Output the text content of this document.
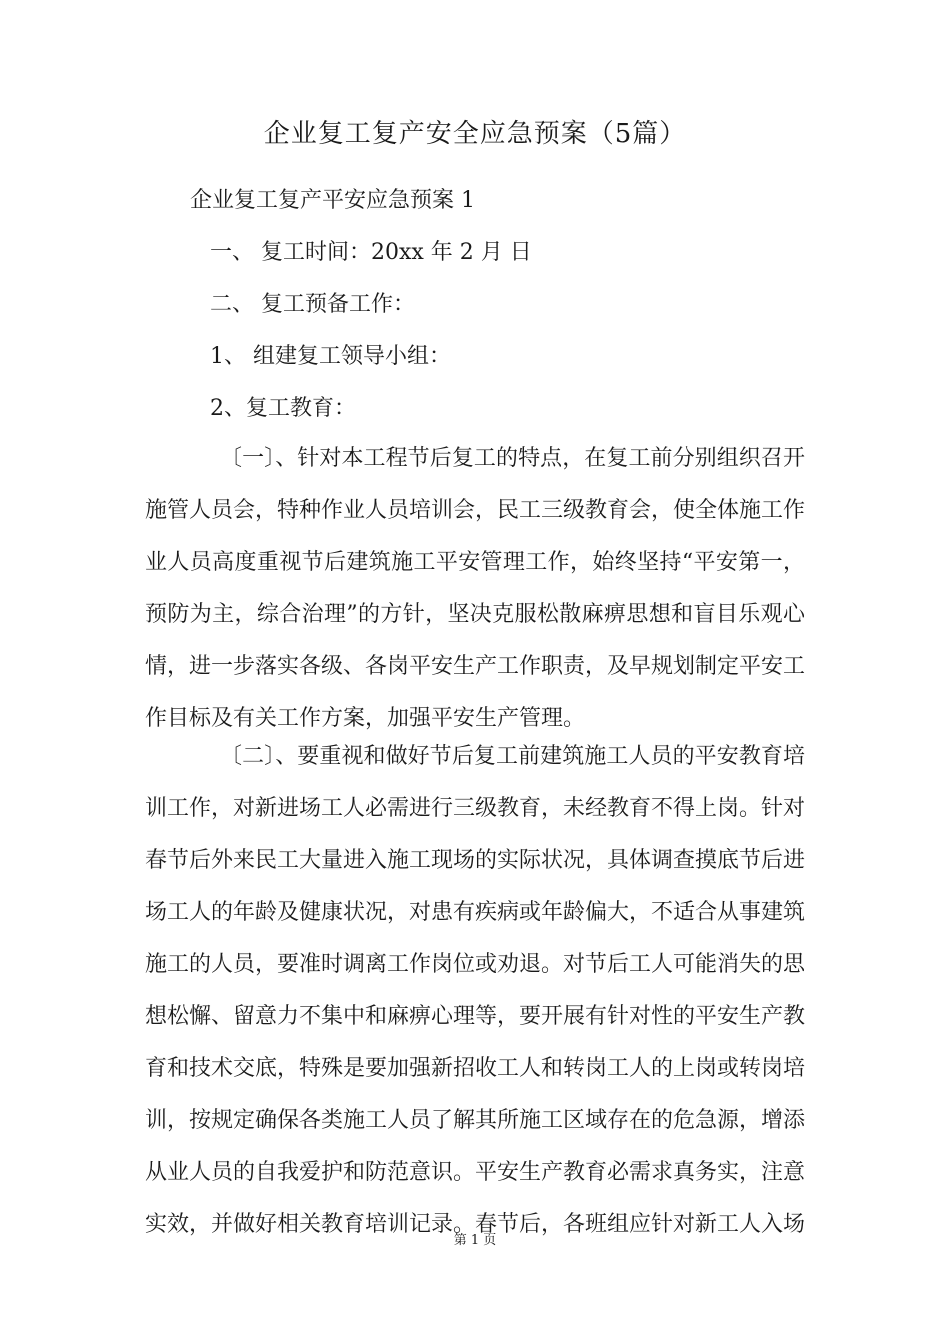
企业复工复产安全应急预案（5篇）
企业复工复产平安应急预案 1
一、 复工时间：20xx 年 2 月 日
二、 复工预备工作：
1、 组建复工领导小组：
2、复工教育：

〔一〕、针对本工程节后复工的特点，在复工前分别组织召开施管人员会，特种作业人员培训会，民工三级教育会，使全体施工作业人员高度重视节后建筑施工平安管理工作，始终坚持“平安第一，预防为主，综合治理”的方针，坚决克服松散麻痹思想和盲目乐观心情，进一步落实各级、各岗平安生产工作职责，及早规划制定平安工作目标及有关工作方案，加强平安生产管理。

〔二〕、要重视和做好节后复工前建筑施工人员的平安教育培训工作，对新进场工人必需进行三级教育，未经教育不得上岗。针对春节后外来民工大量进入施工现场的实际状况，具体调查摸底节后进场工人的年龄及健康状况，对患有疾病或年龄偏大，不适合从事建筑施工的人员，要准时调离工作岗位或劝退。对节后工人可能消失的思想松懈、留意力不集中和麻痹心理等，要开展有针对性的平安生产教育和技术交底，特殊是要加强新招收工人和转岗工人的上岗或转岗培训，按规定确保各类施工人员了解其所施工区域存在的危急源，增添从业人员的自我爱护和防范意识。平安生产教育必需求真务实，注意实效，并做好相关教育培训记录。春节后，各班组应针对新工人入场

第 1 页
